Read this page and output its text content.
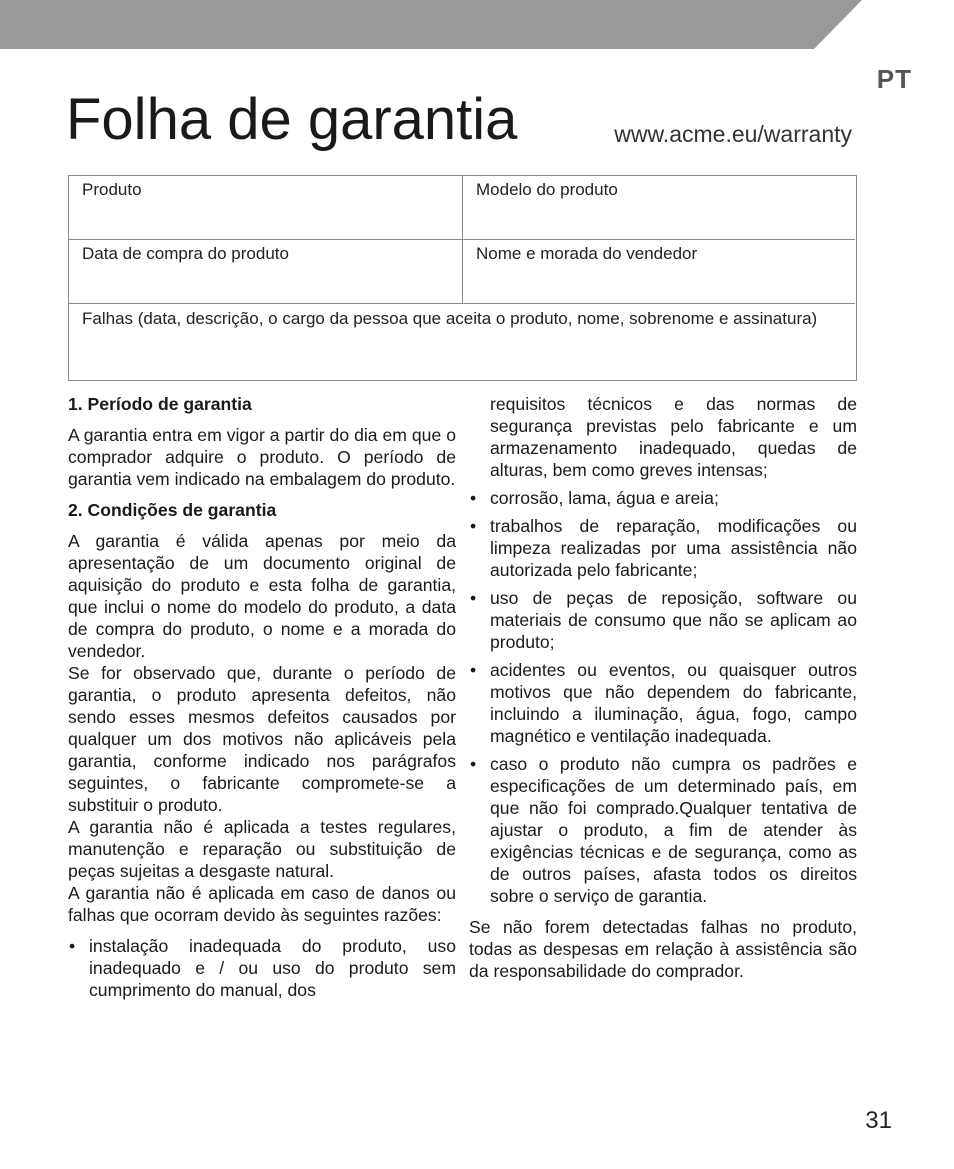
PT
Folha de garantia	www.acme.eu/warranty
Produto	Modelo do produto
Data de compra do produto	Nome e morada do vendedor
Falhas (data, descrição, o cargo da pessoa que aceita o produto, nome, sobrenome e assinatura)
1. Período de garantia

A garantia entra em vigor a partir do dia em que o comprador adquire o produto. O período de garantia vem indicado na embalagem do produto.

2. Condições de garantia

A garantia é válida apenas por meio da apresentação de um documento original de aquisição do produto e esta folha de garantia, que inclui o nome do modelo do produto, a data de compra do produto, o nome e a morada do vendedor.

Se for observado que, durante o período de garantia, o produto apresenta defeitos, não sendo esses mesmos defeitos causados por qualquer um dos motivos não aplicáveis pela garantia, conforme indicado nos parágrafos seguintes, o fabricante compromete-se a substituir o produto.

A garantia não é aplicada a testes regulares, manutenção e reparação ou substituição de peças sujeitas a desgaste natural.

A garantia não é aplicada em caso de danos ou falhas que ocorram devido às seguintes razões:

• instalação inadequada do produto, uso inadequado e / ou uso do produto sem cumprimento do manual, dos

requisitos técnicos e das normas de segurança previstas pelo fabricante e um armazenamento inadequado, quedas de alturas, bem como greves intensas;

• corrosão, lama, água e areia;
• trabalhos de reparação, modificações ou limpeza realizadas por uma assistência não autorizada pelo fabricante;
• uso de peças de reposição, software ou materiais de consumo que não se aplicam ao produto;
• acidentes ou eventos, ou quaisquer outros motivos que não dependem do fabricante, incluindo a iluminação, água, fogo, campo magnético e ventilação inadequada.
• caso o produto não cumpra os padrões e especificações de um determinado país, em que não foi comprado.Qualquer tentativa de ajustar o produto, a fim de atender às exigências técnicas e de segurança, como as de outros países, afasta todos os direitos sobre o serviço de garantia.

Se não forem detectadas falhas no produto, todas as despesas em relação à assistência são da responsabilidade do comprador.

31
